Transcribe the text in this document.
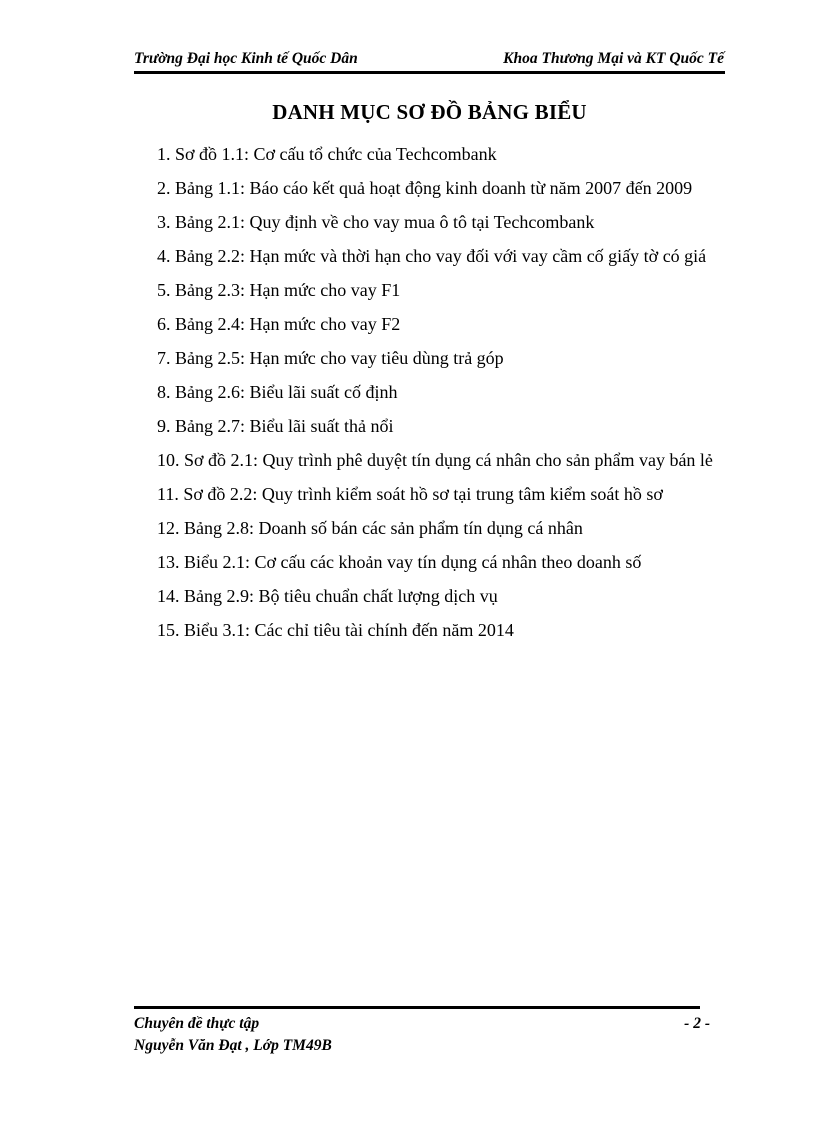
Trường Đại học Kinh tế Quốc Dân	Khoa Thương Mại và KT Quốc Tế
DANH MỤC SƠ ĐỒ BẢNG BIỂU
1. Sơ đồ 1.1: Cơ cấu tổ chức của Techcombank
2. Bảng 1.1: Báo cáo kết quả hoạt động kinh doanh từ năm 2007 đến 2009
3. Bảng 2.1: Quy định về cho vay mua ô tô tại Techcombank
4. Bảng 2.2: Hạn mức và thời hạn cho vay đối với vay cầm cố giấy tờ có giá
5. Bảng 2.3: Hạn mức cho vay F1
6. Bảng 2.4: Hạn mức cho vay F2
7. Bảng 2.5: Hạn mức cho vay tiêu dùng trả góp
8. Bảng 2.6: Biểu lãi suất cố định
9. Bảng 2.7: Biểu lãi suất thả nổi
10. Sơ đồ 2.1: Quy trình phê duyệt tín dụng cá nhân cho sản phẩm vay bán lẻ
11. Sơ đồ 2.2: Quy trình kiểm soát hồ sơ tại trung tâm kiểm soát hồ sơ
12. Bảng 2.8: Doanh số bán các sản phẩm tín dụng cá nhân
13. Biểu 2.1: Cơ cấu các khoản vay tín dụng cá nhân theo doanh số
14. Bảng 2.9: Bộ tiêu chuẩn chất lượng dịch vụ
15. Biểu 3.1: Các chỉ tiêu tài chính đến năm 2014
Chuyên đề thực tập	- 2 -
Nguyễn Văn Đạt , Lớp TM49B
